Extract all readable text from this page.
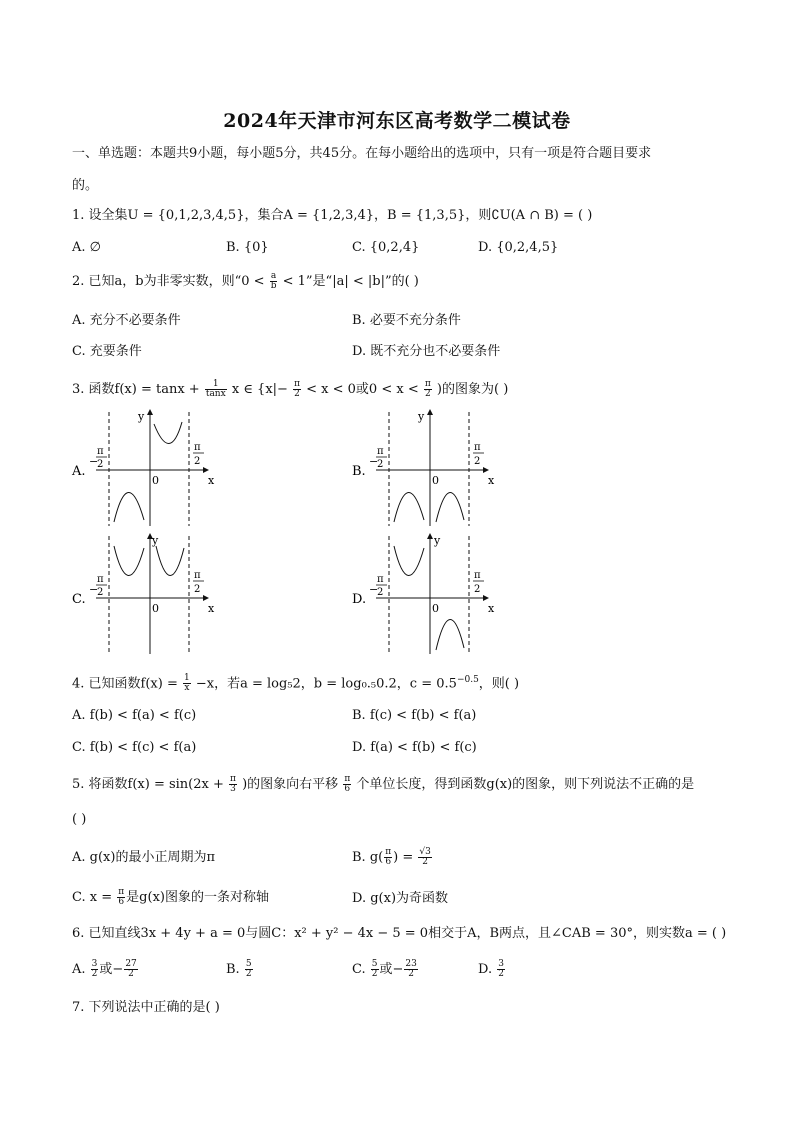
2024年天津市河东区高考数学二模试卷
一、单选题：本题共9小题，每小题5分，共45分。在每小题给出的选项中，只有一项是符合题目要求
的。
1. 设全集U = {0,1,2,3,4,5}，集合A = {1,2,3,4}，B = {1,3,5}，则∁U(A ∩ B) = ( )
A. ∅	B. {0}	C. {0,2,4}	D. {0,2,4,5}
2. 已知a，b为非零实数，则“$0 < \frac{a}{b} < 1$”是“|a| < |b|”的( )
A. 充分不必要条件	B. 必要不充分条件
C. 充要条件	D. 既不充分也不必要条件
3. 函数$f(x) = \tan x + \frac{1}{\tan x}$ x ∈ {$x|- \frac{\pi}{2} < x < 0$或$0 < x < \frac{\pi}{2}$ )的图象为( )
A.
y
x
0
−
π
2
π
2
B.
y
x
0
−
π
2
π
2
C.
y
x
0
−
π
2
π
2
D.
y
x
0
−
π
2
π
2
4. 已知函数$f(x) = \frac{1}{x} -x$，若a = log₅2，b = log₀.₅0.2，$c = 0.5^{-0.5}$，则( )
A. f(b) < f(a) < f(c)	B. f(c) < f(b) < f(a)
C. f(b) < f(c) < f(a)	D. f(a) < f(b) < f(c)
5. 将函数$f(x) = \sin(2x + \frac{\pi}{3}$ )的图象向右平移 $\frac{\pi}{6}$ 个单位长度，得到函数g(x)的图象，则下列说法不正确的是
( )
A. g(x)的最小正周期为π	B. $g( \frac{\pi}{6}$ ) = $\frac{√3}{2}$
C. $x = \frac{\pi}{6}$ 是g(x)图象的一条对称轴	D. g(x)为奇函数
6. 已知直线3x + 4y + a = 0与圆C：x² + y² − 4x − 5 = 0相交于A，B两点，且∠CAB = 30°，则实数a = ( )
A. $\frac{3}{2}$ 或− $\frac{27}{2}$	B. $\frac{5}{2}$	C. $\frac{5}{2}$ 或− $\frac{23}{2}$	D. $\frac{3}{2}$
7. 下列说法中正确的是( )
